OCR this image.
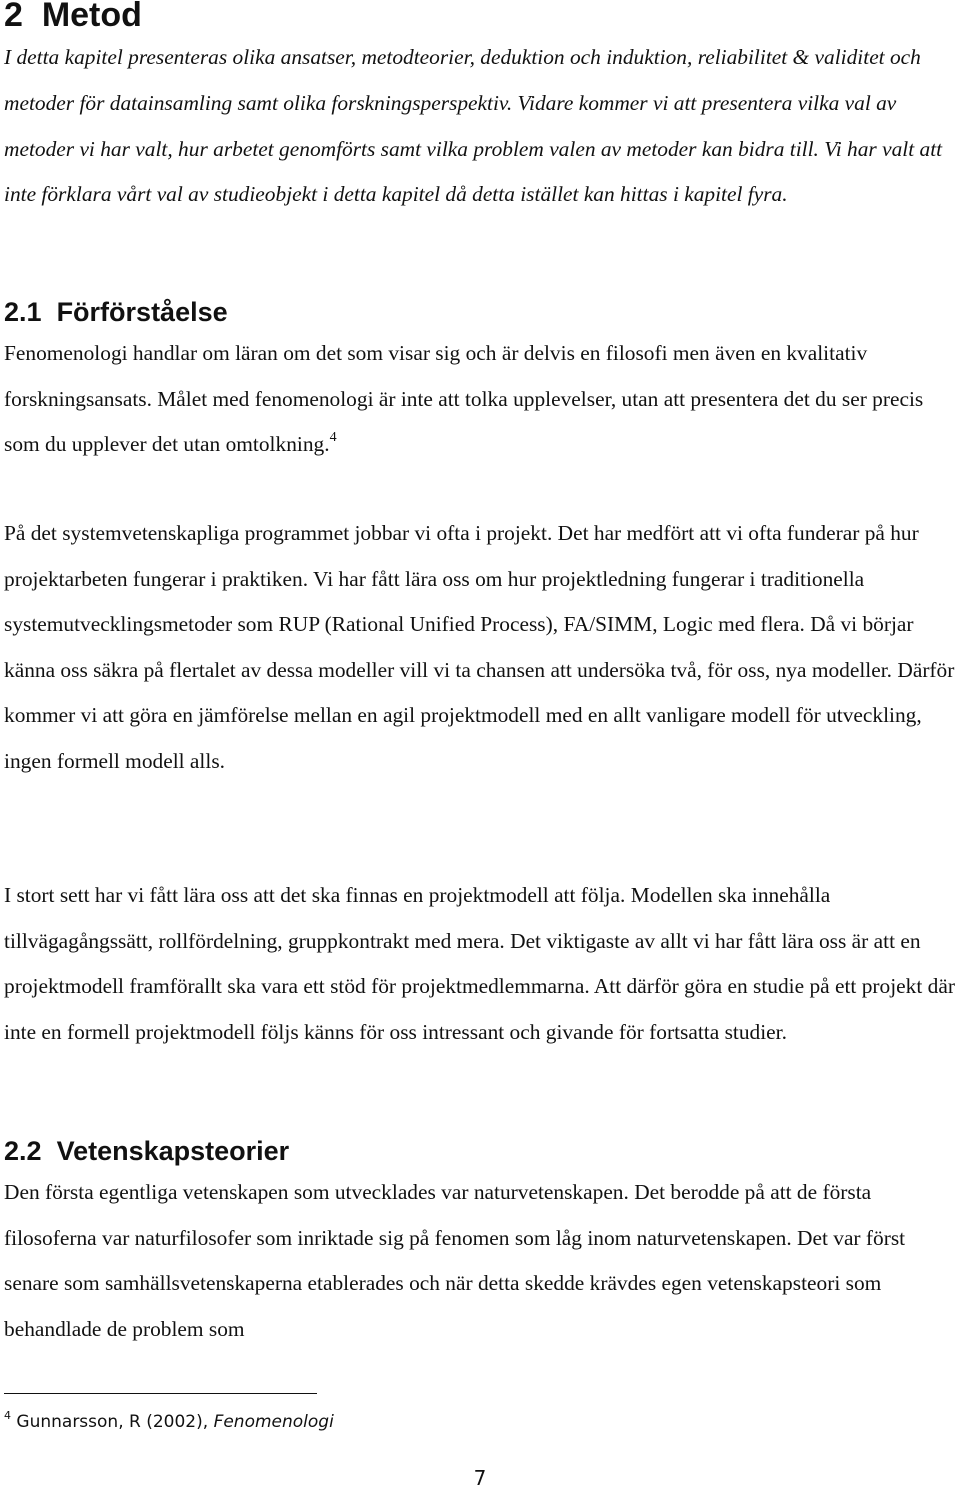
2 Metod

I detta kapitel presenteras olika ansatser, metodteorier, deduktion och induktion, reliabilitet & validitet och metoder för datainsamling samt olika forskningsperspektiv. Vidare kommer vi att presentera vilka val av metoder vi har valt, hur arbetet genomförts samt vilka problem valen av metoder kan bidra till. Vi har valt att inte förklara vårt val av studieobjekt i detta kapitel då detta istället kan hittas i kapitel fyra.

2.1 Förförståelse

Fenomenologi handlar om läran om det som visar sig och är delvis en filosofi men även en kvalitativ forskningsansats. Målet med fenomenologi är inte att tolka upplevelser, utan att presentera det du ser precis som du upplever det utan omtolkning.$^4$

På det systemvetenskapliga programmet jobbar vi ofta i projekt. Det har medfört att vi ofta funderar på hur projektarbeten fungerar i praktiken. Vi har fått lära oss om hur projektledning fungerar i traditionella systemutvecklingsmetoder som RUP (Rational Unified Process), FA/SIMM, Logic med flera. Då vi börjar känna oss säkra på flertalet av dessa modeller vill vi ta chansen att undersöka två, för oss, nya modeller. Därför kommer vi att göra en jämförelse mellan en agil projektmodell med en allt vanligare modell för utveckling, ingen formell modell alls.

I stort sett har vi fått lära oss att det ska finnas en projektmodell att följa. Modellen ska innehålla tillvägagångssätt, rollfördelning, gruppkontrakt med mera. Det viktigaste av allt vi har fått lära oss är att en projektmodell framförallt ska vara ett stöd för projektmedlemmarna. Att därför göra en studie på ett projekt där inte en formell projektmodell följs känns för oss intressant och givande för fortsatta studier.

2.2 Vetenskapsteorier

Den första egentliga vetenskapen som utvecklades var naturvetenskapen. Det berodde på att de första filosoferna var naturfilosofer som inriktade sig på fenomen som låg inom naturvetenskapen. Det var först senare som samhällsvetenskaperna etablerades och när detta skedde krävdes egen vetenskapsteori som behandlade de problem som

$^4$ Gunnarsson, R (2002), Fenomenologi

7
